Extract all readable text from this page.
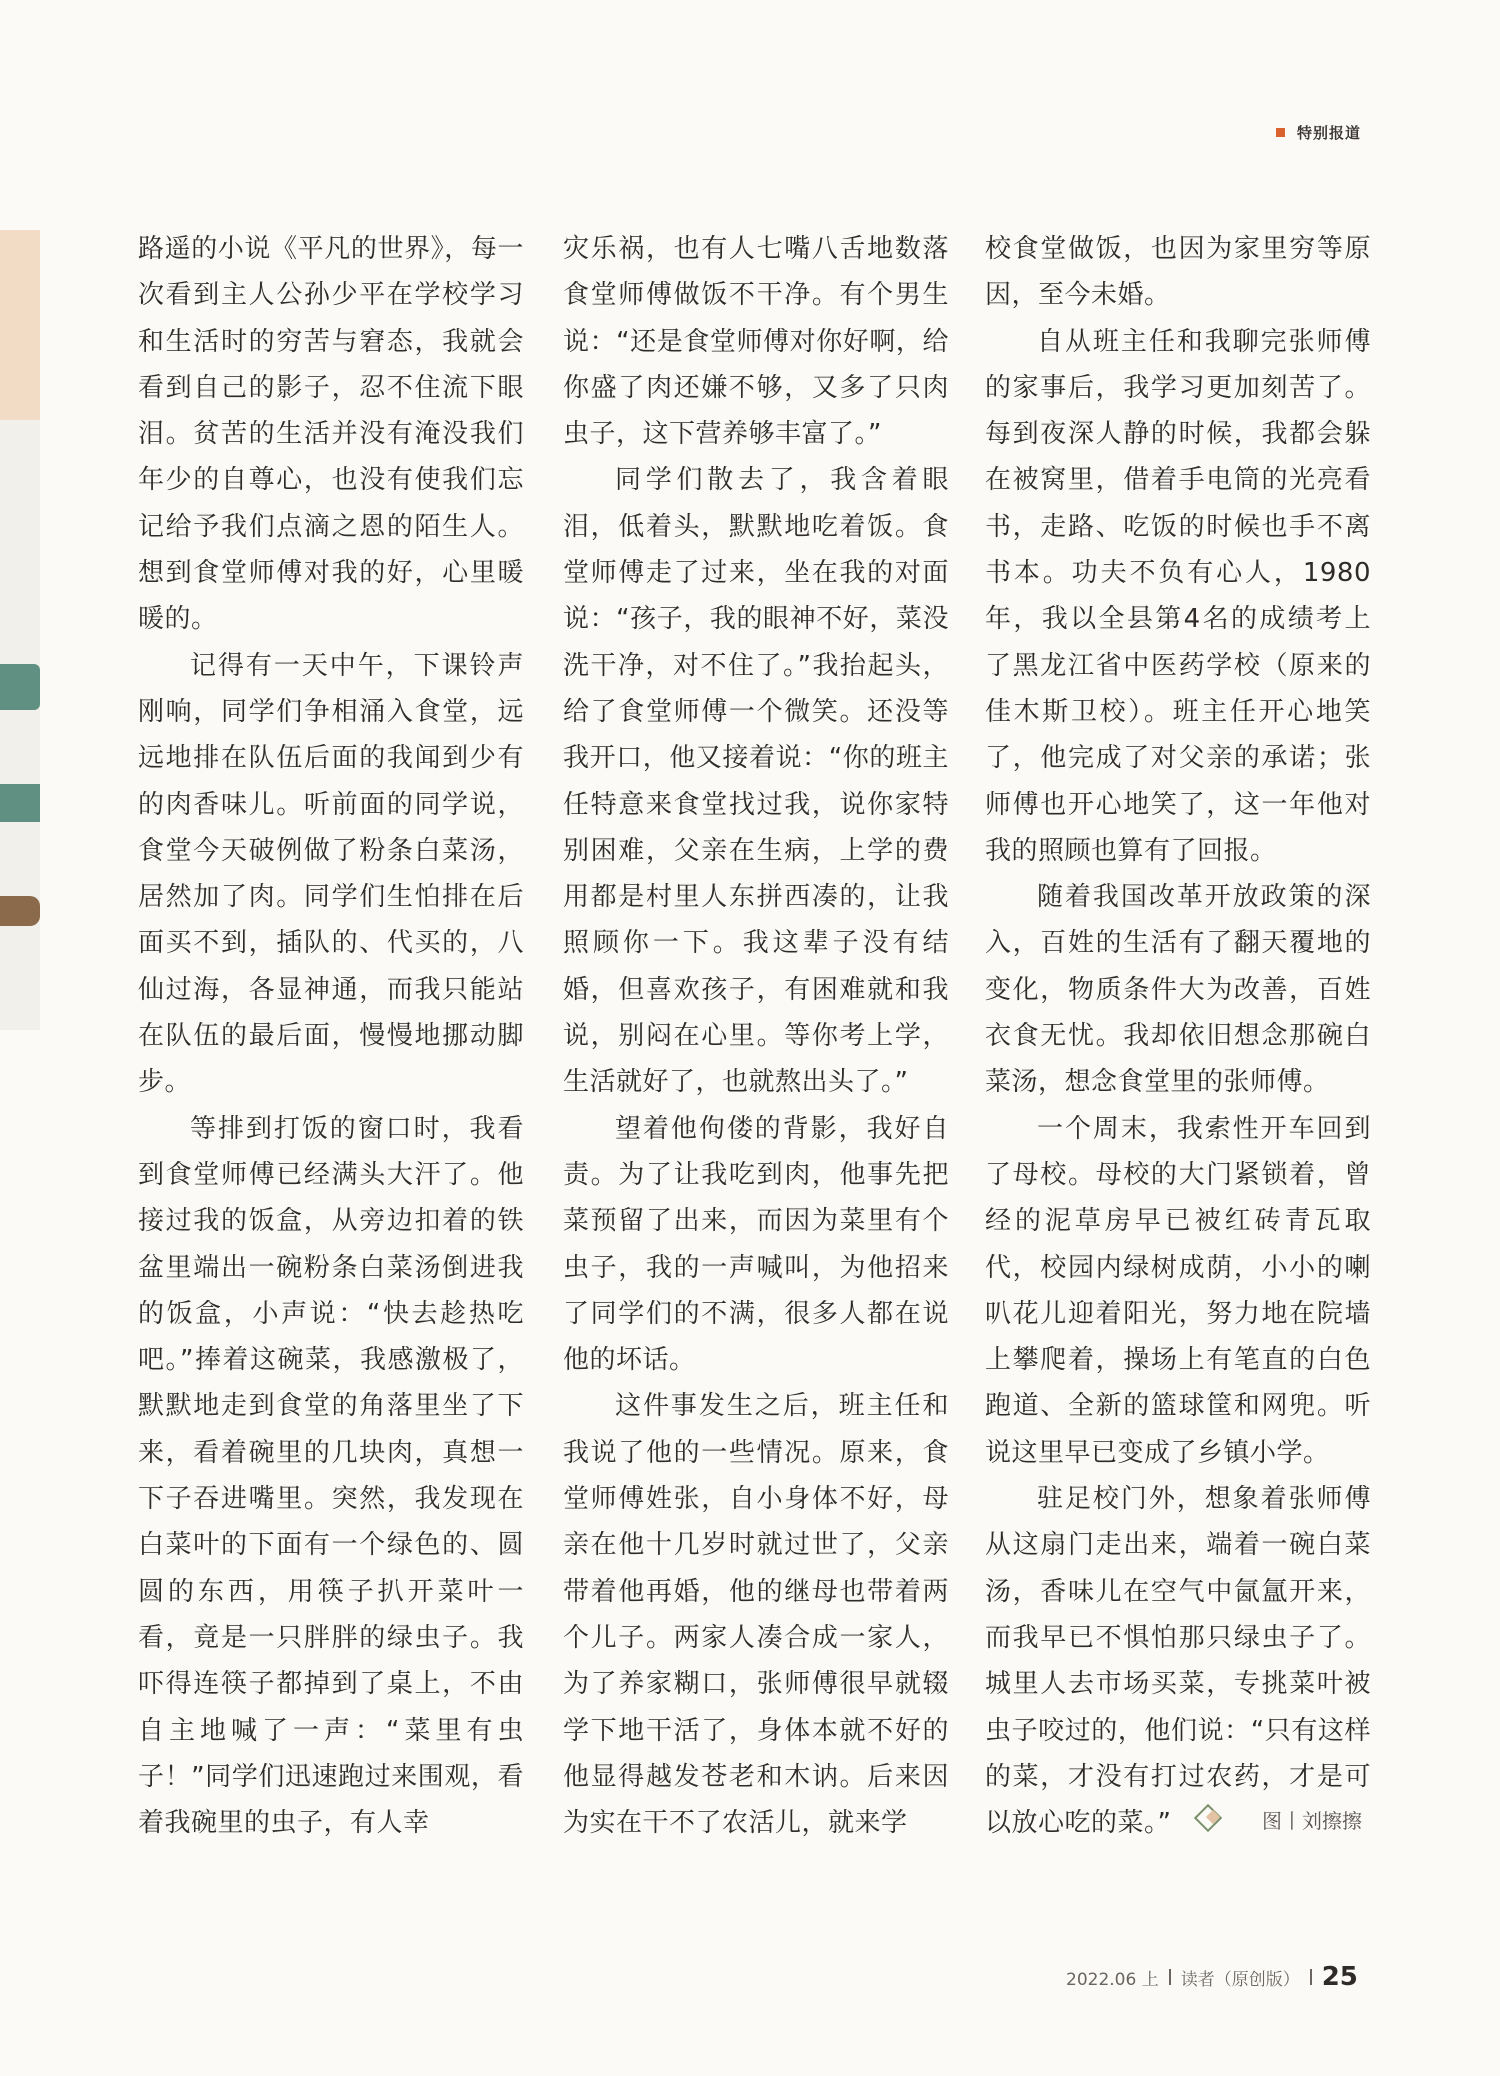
特别报道

路遥的小说《平凡的世界》，每一次看到主人公孙少平在学校学习和生活时的穷苦与窘态，我就会看到自己的影子，忍不住流下眼泪。贫苦的生活并没有淹没我们年少的自尊心，也没有使我们忘记给予我们点滴之恩的陌生人。想到食堂师傅对我的好，心里暖暖的。

记得有一天中午，下课铃声刚响，同学们争相涌入食堂，远远地排在队伍后面的我闻到少有的肉香味儿。听前面的同学说，食堂今天破例做了粉条白菜汤，居然加了肉。同学们生怕排在后面买不到，插队的、代买的，八仙过海，各显神通，而我只能站在队伍的最后面，慢慢地挪动脚步。

等排到打饭的窗口时，我看到食堂师傅已经满头大汗了。他接过我的饭盒，从旁边扣着的铁盆里端出一碗粉条白菜汤倒进我的饭盒，小声说：“快去趁热吃吧。”捧着这碗菜，我感激极了，默默地走到食堂的角落里坐了下来，看着碗里的几块肉，真想一下子吞进嘴里。突然，我发现在白菜叶的下面有一个绿色的、圆圆的东西，用筷子扒开菜叶一看，竟是一只胖胖的绿虫子。我吓得连筷子都掉到了桌上，不由自主地喊了一声：“菜里有虫子！”同学们迅速跑过来围观，看着我碗里的虫子，有人幸

灾乐祸，也有人七嘴八舌地数落食堂师傅做饭不干净。有个男生说：“还是食堂师傅对你好啊，给你盛了肉还嫌不够，又多了只肉虫子，这下营养够丰富了。”

同学们散去了，我含着眼泪，低着头，默默地吃着饭。食堂师傅走了过来，坐在我的对面说：“孩子，我的眼神不好，菜没洗干净，对不住了。”我抬起头，给了食堂师傅一个微笑。还没等我开口，他又接着说：“你的班主任特意来食堂找过我，说你家特别困难，父亲在生病，上学的费用都是村里人东拼西凑的，让我照顾你一下。我这辈子没有结婚，但喜欢孩子，有困难就和我说，别闷在心里。等你考上学，生活就好了，也就熬出头了。”

望着他佝偻的背影，我好自责。为了让我吃到肉，他事先把菜预留了出来，而因为菜里有个虫子，我的一声喊叫，为他招来了同学们的不满，很多人都在说他的坏话。

这件事发生之后，班主任和我说了他的一些情况。原来，食堂师傅姓张，自小身体不好，母亲在他十几岁时就过世了，父亲带着他再婚，他的继母也带着两个儿子。两家人凑合成一家人，为了养家糊口，张师傅很早就辍学下地干活了，身体本就不好的他显得越发苍老和木讷。后来因为实在干不了农活儿，就来学

校食堂做饭，也因为家里穷等原因，至今未婚。

自从班主任和我聊完张师傅的家事后，我学习更加刻苦了。每到夜深人静的时候，我都会躲在被窝里，借着手电筒的光亮看书，走路、吃饭的时候也手不离书本。功夫不负有心人，1980年，我以全县第4名的成绩考上了黑龙江省中医药学校（原来的佳木斯卫校）。班主任开心地笑了，他完成了对父亲的承诺；张师傅也开心地笑了，这一年他对我的照顾也算有了回报。

随着我国改革开放政策的深入，百姓的生活有了翻天覆地的变化，物质条件大为改善，百姓衣食无忧。我却依旧想念那碗白菜汤，想念食堂里的张师傅。

一个周末，我索性开车回到了母校。母校的大门紧锁着，曾经的泥草房早已被红砖青瓦取代，校园内绿树成荫，小小的喇叭花儿迎着阳光，努力地在院墙上攀爬着，操场上有笔直的白色跑道、全新的篮球筐和网兜。听说这里早已变成了乡镇小学。

驻足校门外，想象着张师傅从这扇门走出来，端着一碗白菜汤，香味儿在空气中氤氲开来，而我早已不惧怕那只绿虫子了。城里人去市场买菜，专挑菜叶被虫子咬过的，他们说：“只有这样的菜，才没有打过农药，才是可以放心吃的菜。”	图丨刘擦擦
2022.06 上 读者（原创版） 25
